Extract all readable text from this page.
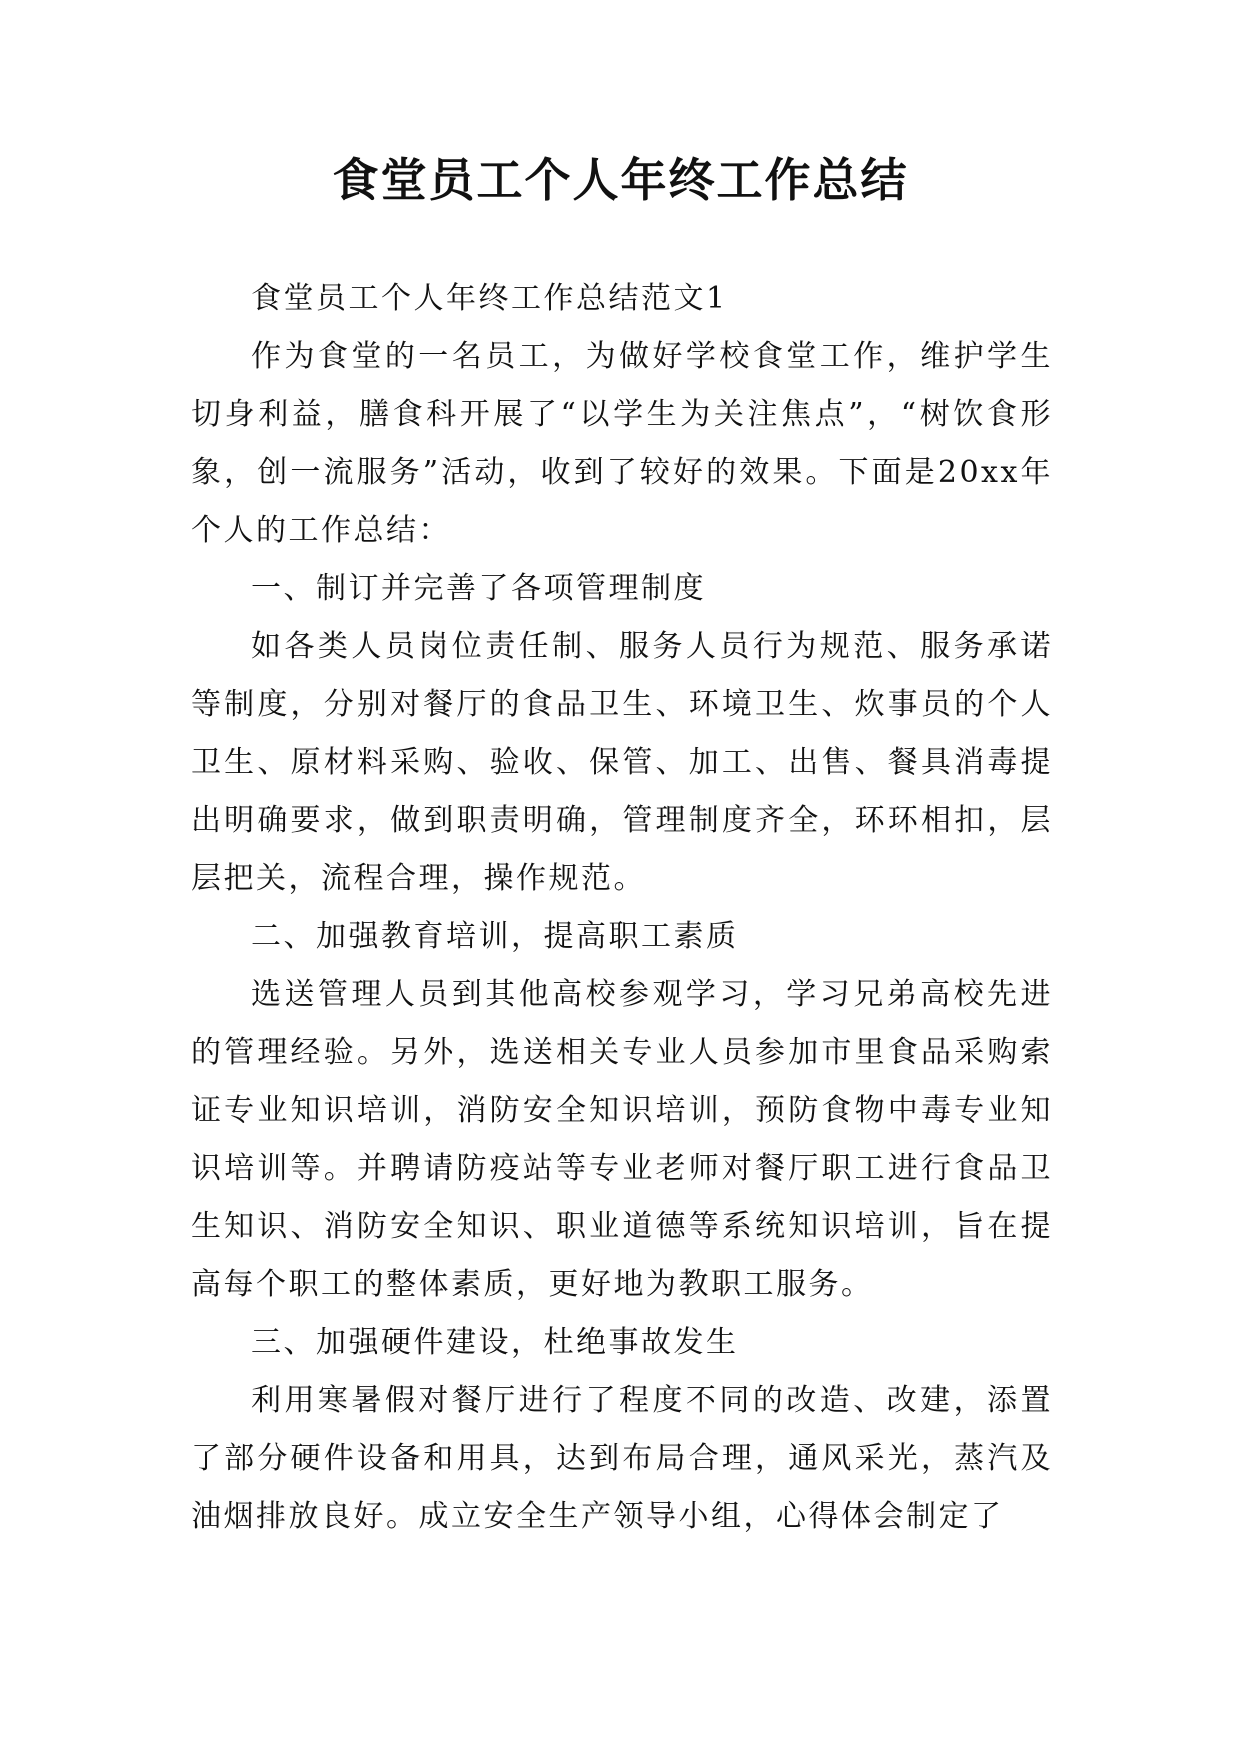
食堂员工个人年终工作总结

食堂员工个人年终工作总结范文1

作为食堂的一名员工，为做好学校食堂工作，维护学生切身利益，膳食科开展了“以学生为关注焦点”，“树饮食形象，创一流服务”活动，收到了较好的效果。下面是20xx年个人的工作总结：

一、制订并完善了各项管理制度

如各类人员岗位责任制、服务人员行为规范、服务承诺等制度，分别对餐厅的食品卫生、环境卫生、炊事员的个人卫生、原材料采购、验收、保管、加工、出售、餐具消毒提出明确要求，做到职责明确，管理制度齐全，环环相扣，层层把关，流程合理，操作规范。

二、加强教育培训，提高职工素质

选送管理人员到其他高校参观学习，学习兄弟高校先进的管理经验。另外，选送相关专业人员参加市里食品采购索证专业知识培训，消防安全知识培训，预防食物中毒专业知识培训等。并聘请防疫站等专业老师对餐厅职工进行食品卫生知识、消防安全知识、职业道德等系统知识培训，旨在提高每个职工的整体素质，更好地为教职工服务。

三、加强硬件建设，杜绝事故发生

利用寒暑假对餐厅进行了程度不同的改造、改建，添置了部分硬件设备和用具，达到布局合理，通风采光，蒸汽及油烟排放良好。成立安全生产领导小组，心得体会制定了
